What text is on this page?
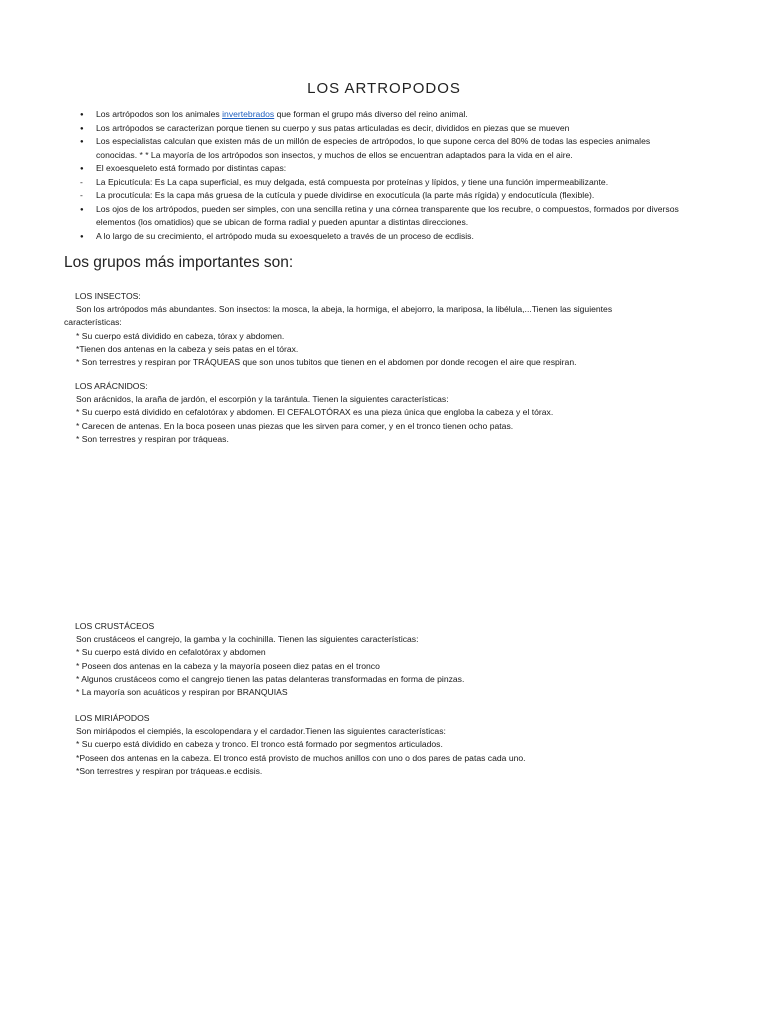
LOS ARTROPODOS

●
Los artrópodos son los animales invertebrados que forman el grupo más diverso del reino animal.

●
Los artrópodos se caracterizan porque tienen su cuerpo y sus patas articuladas es decir, divididos en piezas que se mueven

●
Los especialistas calculan que existen más de un millón de especies de artrópodos, lo que supone cerca del 80% de todas las especies animales conocidas. * * La mayoría de los artrópodos son insectos, y muchos de ellos se encuentran adaptados para la vida en el aire.

●
El exoesqueleto está formado por distintas capas:

-
La Epicutícula: Es La capa superficial, es muy delgada, está compuesta por proteínas y lípidos, y tiene una función impermeabilizante.

-
La procutícula: Es la capa más gruesa de la cutícula y puede dividirse en exocutícula (la parte más rígida) y endocutícula (flexible).

●
Los ojos de los artrópodos, pueden ser simples, con una sencilla retina y una córnea transparente que los recubre, o compuestos, formados por diversos elementos (los omatidios) que se ubican de forma radial y pueden apuntar a distintas direcciones.

●
A lo largo de su crecimiento, el artrópodo muda su exoesqueleto a través de un proceso de ecdisis.

Los grupos más importantes son:

LOS INSECTOS:

Son los artrópodos más abundantes. Son insectos: la mosca, la abeja, la hormiga, el abejorro, la mariposa, la libélula,...Tienen las siguientes

características:

* Su cuerpo está dividido en cabeza, tórax y abdomen.

*Tienen dos antenas en la cabeza y seis patas en el tórax.

* Son terrestres y respiran por TRÁQUEAS que son unos tubitos que tienen en el abdomen por donde recogen el aire que respiran.

LOS ARÁCNIDOS:

Son arácnidos, la araña de jardón, el escorpión y la tarántula. Tienen la siguientes características:

* Su cuerpo está dividido en cefalotórax y abdomen. El CEFALOTÓRAX es una pieza única que engloba la cabeza y el tórax.

* Carecen de antenas. En la boca poseen unas piezas que les sirven para comer, y en el tronco tienen ocho patas.

* Son terrestres y respiran por tráqueas.

LOS CRUSTÁCEOS

Son crustáceos el cangrejo, la gamba y la cochinilla. Tienen las siguientes características:

* Su cuerpo está divido en cefalotórax y abdomen

* Poseen dos antenas en la cabeza y la mayoría poseen diez patas en el tronco

* Algunos crustáceos como el cangrejo tienen las patas delanteras transformadas en forma de pinzas.

* La mayoría son acuáticos y respiran por BRANQUIAS

LOS MIRIÁPODOS

Son miriápodos el ciempiés, la escolopendara y el cardador.Tienen las siguientes características:

* Su cuerpo está dividido en cabeza y tronco. El tronco está formado por segmentos articulados.

*Poseen dos antenas en la cabeza. El tronco está provisto de muchos anillos con uno o dos pares de patas cada uno.

*Son terrestres y respiran por tráqueas.e ecdisis.
